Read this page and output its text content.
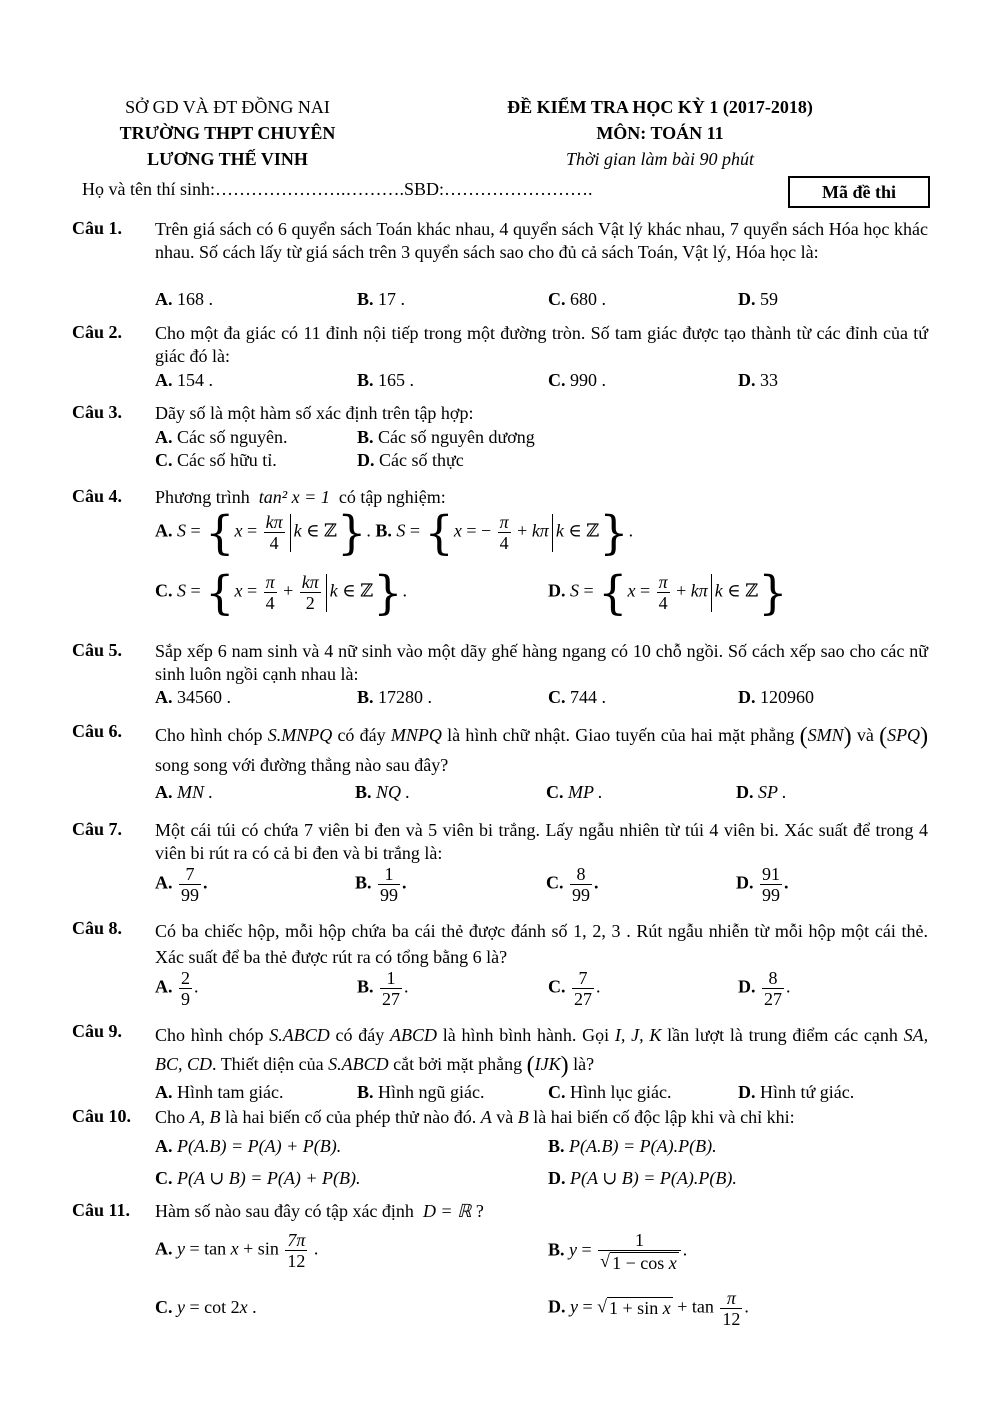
SỞ GD VÀ ĐT ĐỒNG NAI
TRƯỜNG THPT CHUYÊN
LƯƠNG THẾ VINH
ĐỀ KIỂM TRA HỌC KỲ 1 (2017-2018)
MÔN: TOÁN 11
Thời gian làm bài 90 phút
Họ và tên thí sinh:………………….……….SBD:…………………….	Mã đề thi
Câu 1. Trên giá sách có 6 quyển sách Toán khác nhau, 4 quyển sách Vật lý khác nhau, 7 quyển sách Hóa học khác nhau. Số cách lấy từ giá sách trên 3 quyển sách sao cho đủ cả sách Toán, Vật lý, Hóa học là:
A. 168 .	B. 17 .	C. 680 .	D. 59
Câu 2. Cho một đa giác có 11 đỉnh nội tiếp trong một đường tròn. Số tam giác được tạo thành từ các đỉnh của tứ giác đó là:
A. 154 .	B. 165 .	C. 990 .	D. 33
Câu 3. Dãy số là một hàm số xác định trên tập hợp:
A. Các số nguyên.	B. Các số nguyên dương
C. Các số hữu tỉ.	D. Các số thực
Câu 4. Phương trình tan² x = 1 có tập nghiệm:
A. $S = \{x = \frac{k\pi}{4}$ k ∈ ℤ}. B. S = {x = − $\frac{\pi}{4} + k\pi$ k ∈ ℤ}.
C. $S = \{x = \frac{\pi}{4} + \frac{k\pi}{2}$ k ∈ ℤ}.	D. $S = \{x = \frac{\pi}{4} + k\pi$ k ∈ ℤ}
Câu 5. Sắp xếp 6 nam sinh và 4 nữ sinh vào một dãy ghế hàng ngang có 10 chỗ ngồi. Số cách xếp sao cho các nữ sinh luôn ngồi cạnh nhau là:
A. 34560 .	B. 17280 .	C. 744 .	D. 120960
Câu 6. Cho hình chóp S.MNPQ có đáy MNPQ là hình chữ nhật. Giao tuyến của hai mặt phẳng (SMN) và (SPQ) song song với đường thẳng nào sau đây?
A. MN .	B. NQ .	C. MP .	D. SP .
Câu 7. Một cái túi có chứa 7 viên bi đen và 5 viên bi trắng. Lấy ngẫu nhiên từ túi 4 viên bi. Xác suất để trong 4 viên bi rút ra có cả bi đen và bi trắng là:
A. $\frac{7}{99}$ .	B. $\frac{1}{99}$ .	C. $\frac{8}{99}$ .	D. $\frac{91}{99}$ .
Câu 8. Có ba chiếc hộp, mỗi hộp chứa ba cái thẻ được đánh số 1, 2, 3 . Rút ngẫu nhiễn từ mỗi hộp một cái thẻ. Xác suất để ba thẻ được rút ra có tổng bằng 6 là?
A. $\frac{2}{9}$ .	B. $\frac{1}{27}$ .	C. $\frac{7}{27}$ .	D. $\frac{8}{27}$ .
Câu 9. Cho hình chóp S.ABCD có đáy ABCD là hình bình hành. Gọi I, J, K lần lượt là trung điểm các cạnh SA, BC, CD. Thiết diện của S.ABCD cắt bởi mặt phẳng (IJK) là?
A. Hình tam giác.	B. Hình ngũ giác.	C. Hình lục giác.	D. Hình tứ giác.
Câu 10. Cho A, B là hai biến cố của phép thử nào đó. A và B là hai biến cố độc lập khi và chỉ khi:
A. P(A.B) = P(A) + P(B).	B. P(A.B) = P(A).P(B).
C. P(A ∪ B) = P(A) + P(B).	D. P(A ∪ B) = P(A).P(B).
Câu 11. Hàm số nào sau đây có tập xác định D = ℝ ?
A. $y = \tan x + \sin \frac{7\pi}{12}$ .	B. $y = \frac{1}{\text{√ 1 − cos x}}$ .
C. y = cot 2x .	D. y = √ $1 + \sin x + \tan \frac{\pi}{12}$ .
